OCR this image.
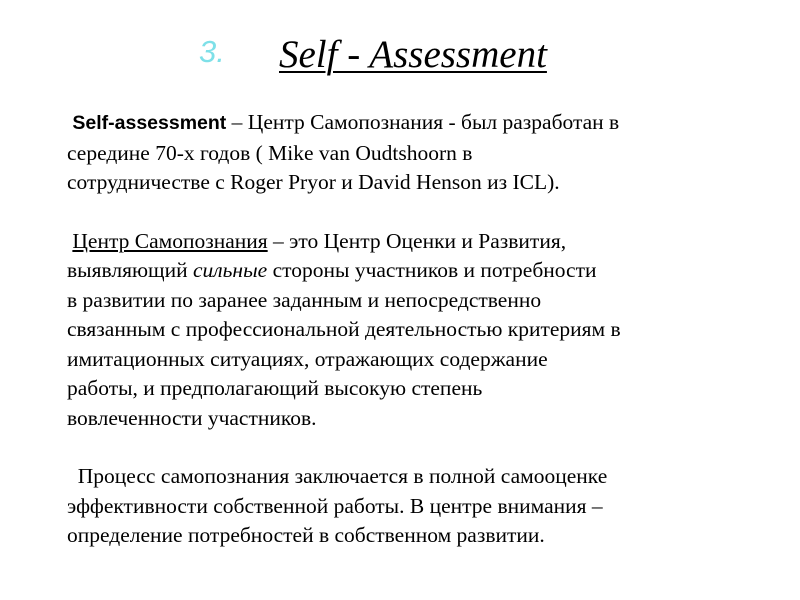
3. Self - Assessment

Self-assessment – Центр Самопознания - был разработан в
середине 70-х годов ( Mike van Oudtshoorn в
сотрудничестве с Roger Pryor и David Henson из ICL).

Центр Самопознания – это Центр Оценки и Развития,
выявляющий сильные стороны участников и потребности
в развитии по заранее заданным и непосредственно
связанным с профессиональной деятельностью критериям в
имитационных ситуациях, отражающих содержание
работы, и предполагающий высокую степень
вовлеченности участников.

Процесс самопознания заключается в полной самооценке
эффективности собственной работы. В центре внимания –
определение потребностей в собственном развитии.
